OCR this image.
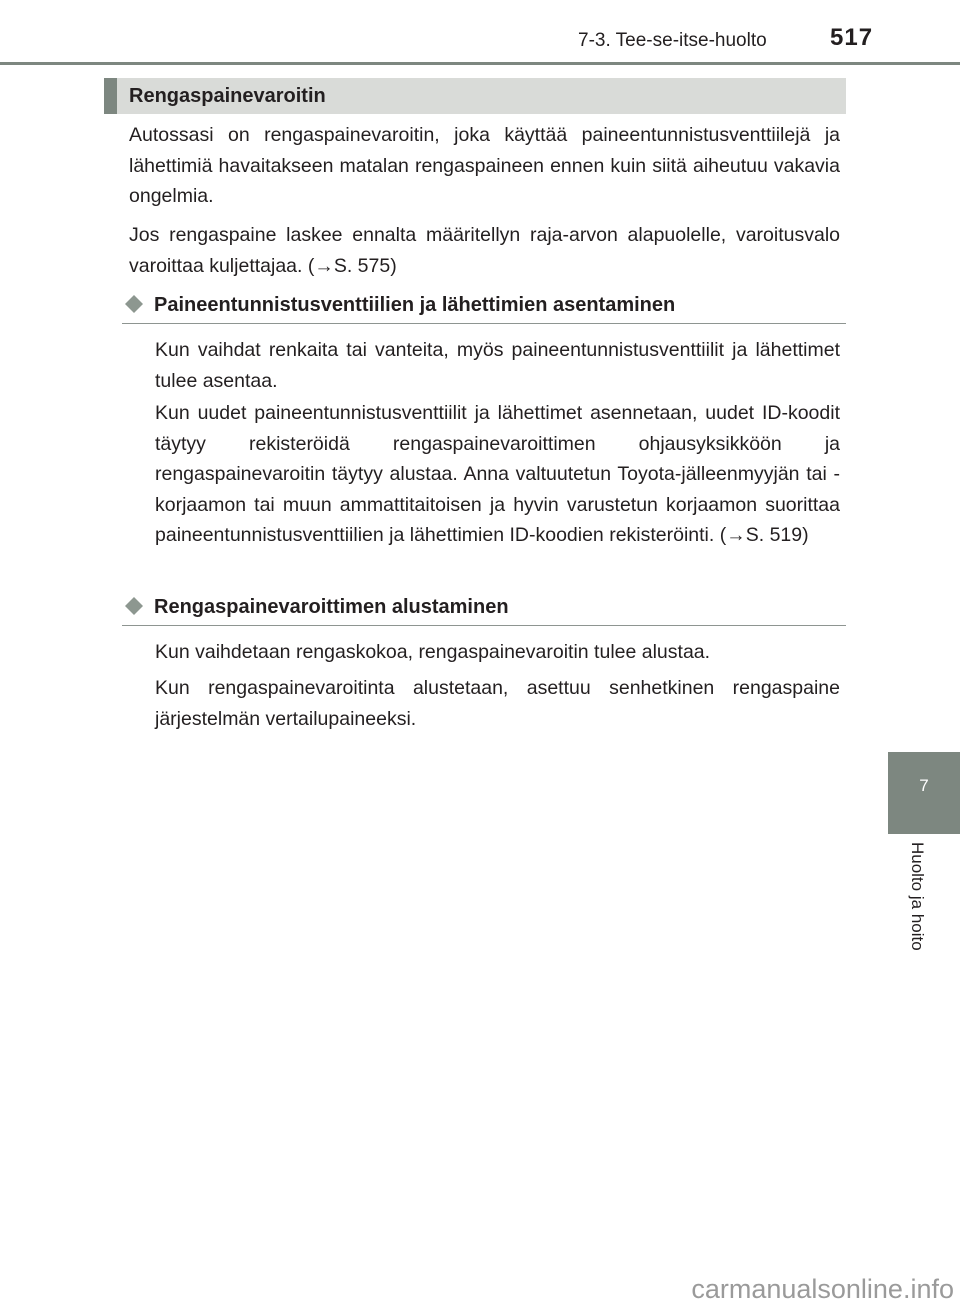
7-3. Tee-se-itse-huolto	517
Rengaspainevaroitin

Autossasi on rengaspainevaroitin, joka käyttää paineentunnistusventtiilejä ja lähettimiä havaitakseen matalan rengaspaineen ennen kuin siitä aiheutuu vakavia ongelmia.

Jos rengaspaine laskee ennalta määritellyn raja-arvon alapuolelle, varoitusvalo varoittaa kuljettajaa. (→S. 575)

Paineentunnistusventtiilien ja lähettimien asentaminen

Kun vaihdat renkaita tai vanteita, myös paineentunnistusventtiilit ja lähettimet tulee asentaa.

Kun uudet paineentunnistusventtiilit ja lähettimet asennetaan, uudet ID-koodit täytyy rekisteröidä rengaspainevaroittimen ohjausyksikköön ja rengaspainevaroitin täytyy alustaa. Anna valtuutetun Toyota-jälleenmyyjän tai -korjaamon tai muun ammattitaitoisen ja hyvin varustetun korjaamon suorittaa paineentunnistusventtiilien ja lähettimien ID-koodien rekisteröinti. (→S. 519)

Rengaspainevaroittimen alustaminen

Kun vaihdetaan rengaskokoa, rengaspainevaroitin tulee alustaa.

Kun rengaspainevaroitinta alustetaan, asettuu senhetkinen rengaspaine järjestelmän vertailupaineeksi.

7
Huolto ja hoito
carmanualsonline.info
